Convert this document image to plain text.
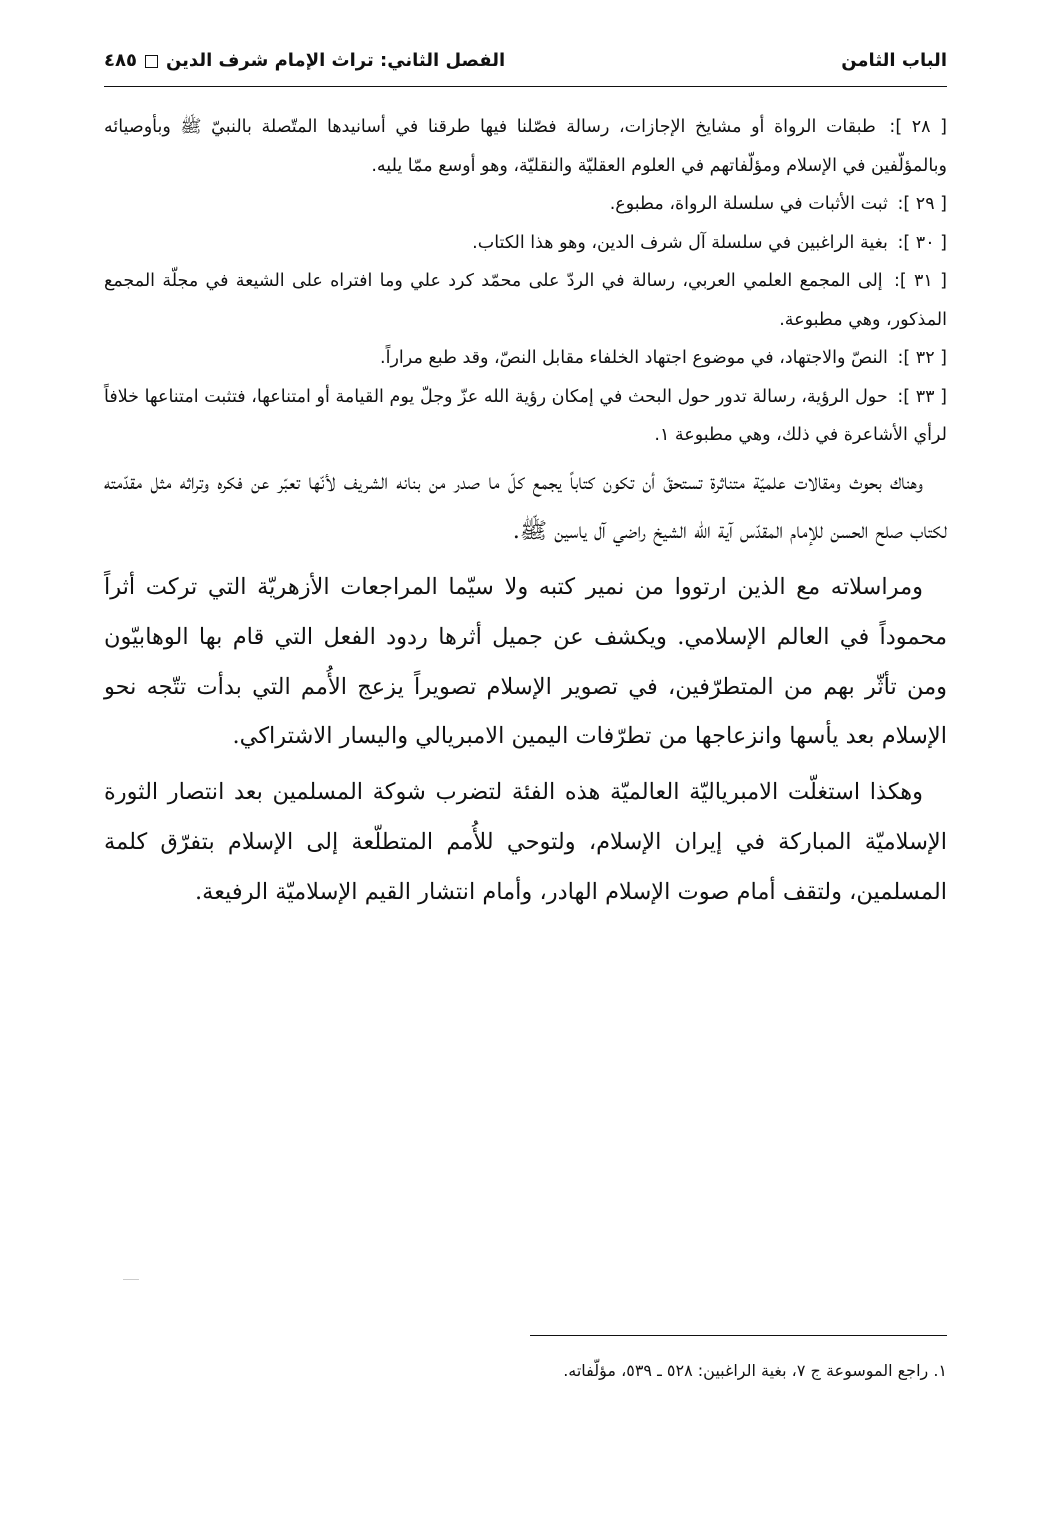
الباب الثامن
الفصل الثاني: تراث الإمام شرف الدين٤٨٥

[ ٢٨ ]: طبقات الرواة أو مشايخ الإجازات، رسالة فصّلنا فيها طرقنا في أسانيدها المتّصلة بالنبيّ ﷺ وبأوصيائه وبالمؤلّفين في الإسلام ومؤلّفاتهم في العلوم العقليّة والنقليّة، وهو أوسع ممّا يليه.

[ ٢٩ ]: ثبت الأثبات في سلسلة الرواة، مطبوع.

[ ٣٠ ]: بغية الراغبين في سلسلة آل شرف الدين، وهو هذا الكتاب.

[ ٣١ ]: إلى المجمع العلمي العربي، رسالة في الردّ على محمّد كرد علي وما افتراه على الشيعة في مجلّة المجمع المذكور، وهي مطبوعة.

[ ٣٢ ]: النصّ والاجتهاد، في موضوع اجتهاد الخلفاء مقابل النصّ، وقد طبع مراراً.

[ ٣٣ ]: حول الرؤية، رسالة تدور حول البحث في إمكان رؤية الله عزّ وجلّ يوم القيامة أو امتناعها، فتثبت امتناعها خلافاً لرأي الأشاعرة في ذلك، وهي مطبوعة ١.

وهناك بحوث ومقالات علميّة متناثرة تستحقّ أن تكون كتاباً يجمع كلّ ما صدر من بنانه الشريف لأنّها تعبّر عن فكره وتراثه مثل مقدّمته لكتاب صلح الحسن للإمام المقدّس آية الله الشيخ راضي آل ياسين ﷺ.

ومراسلاته مع الذين ارتووا من نمير كتبه ولا سيّما المراجعات الأزهريّة التي تركت أثراً محموداً في العالم الإسلامي. ويكشف عن جميل أثرها ردود الفعل التي قام بها الوهابيّون ومن تأثّر بهم من المتطرّفين، في تصوير الإسلام تصويراً يزعج الأُمم التي بدأت تتّجه نحو الإسلام بعد يأسها وانزعاجها من تطرّفات اليمين الامبريالي واليسار الاشتراكي.

وهكذا استغلّت الامبرياليّة العالميّة هذه الفئة لتضرب شوكة المسلمين بعد انتصار الثورة الإسلاميّة المباركة في إيران الإسلام، ولتوحي للأُمم المتطلّعة إلى الإسلام بتفرّق كلمة المسلمين، ولتقف أمام صوت الإسلام الهادر، وأمام انتشار القيم الإسلاميّة الرفيعة.

١. راجع الموسوعة ج ٧، بغية الراغبين: ٥٢٨ ـ ٥٣٩، مؤلّفاته.
